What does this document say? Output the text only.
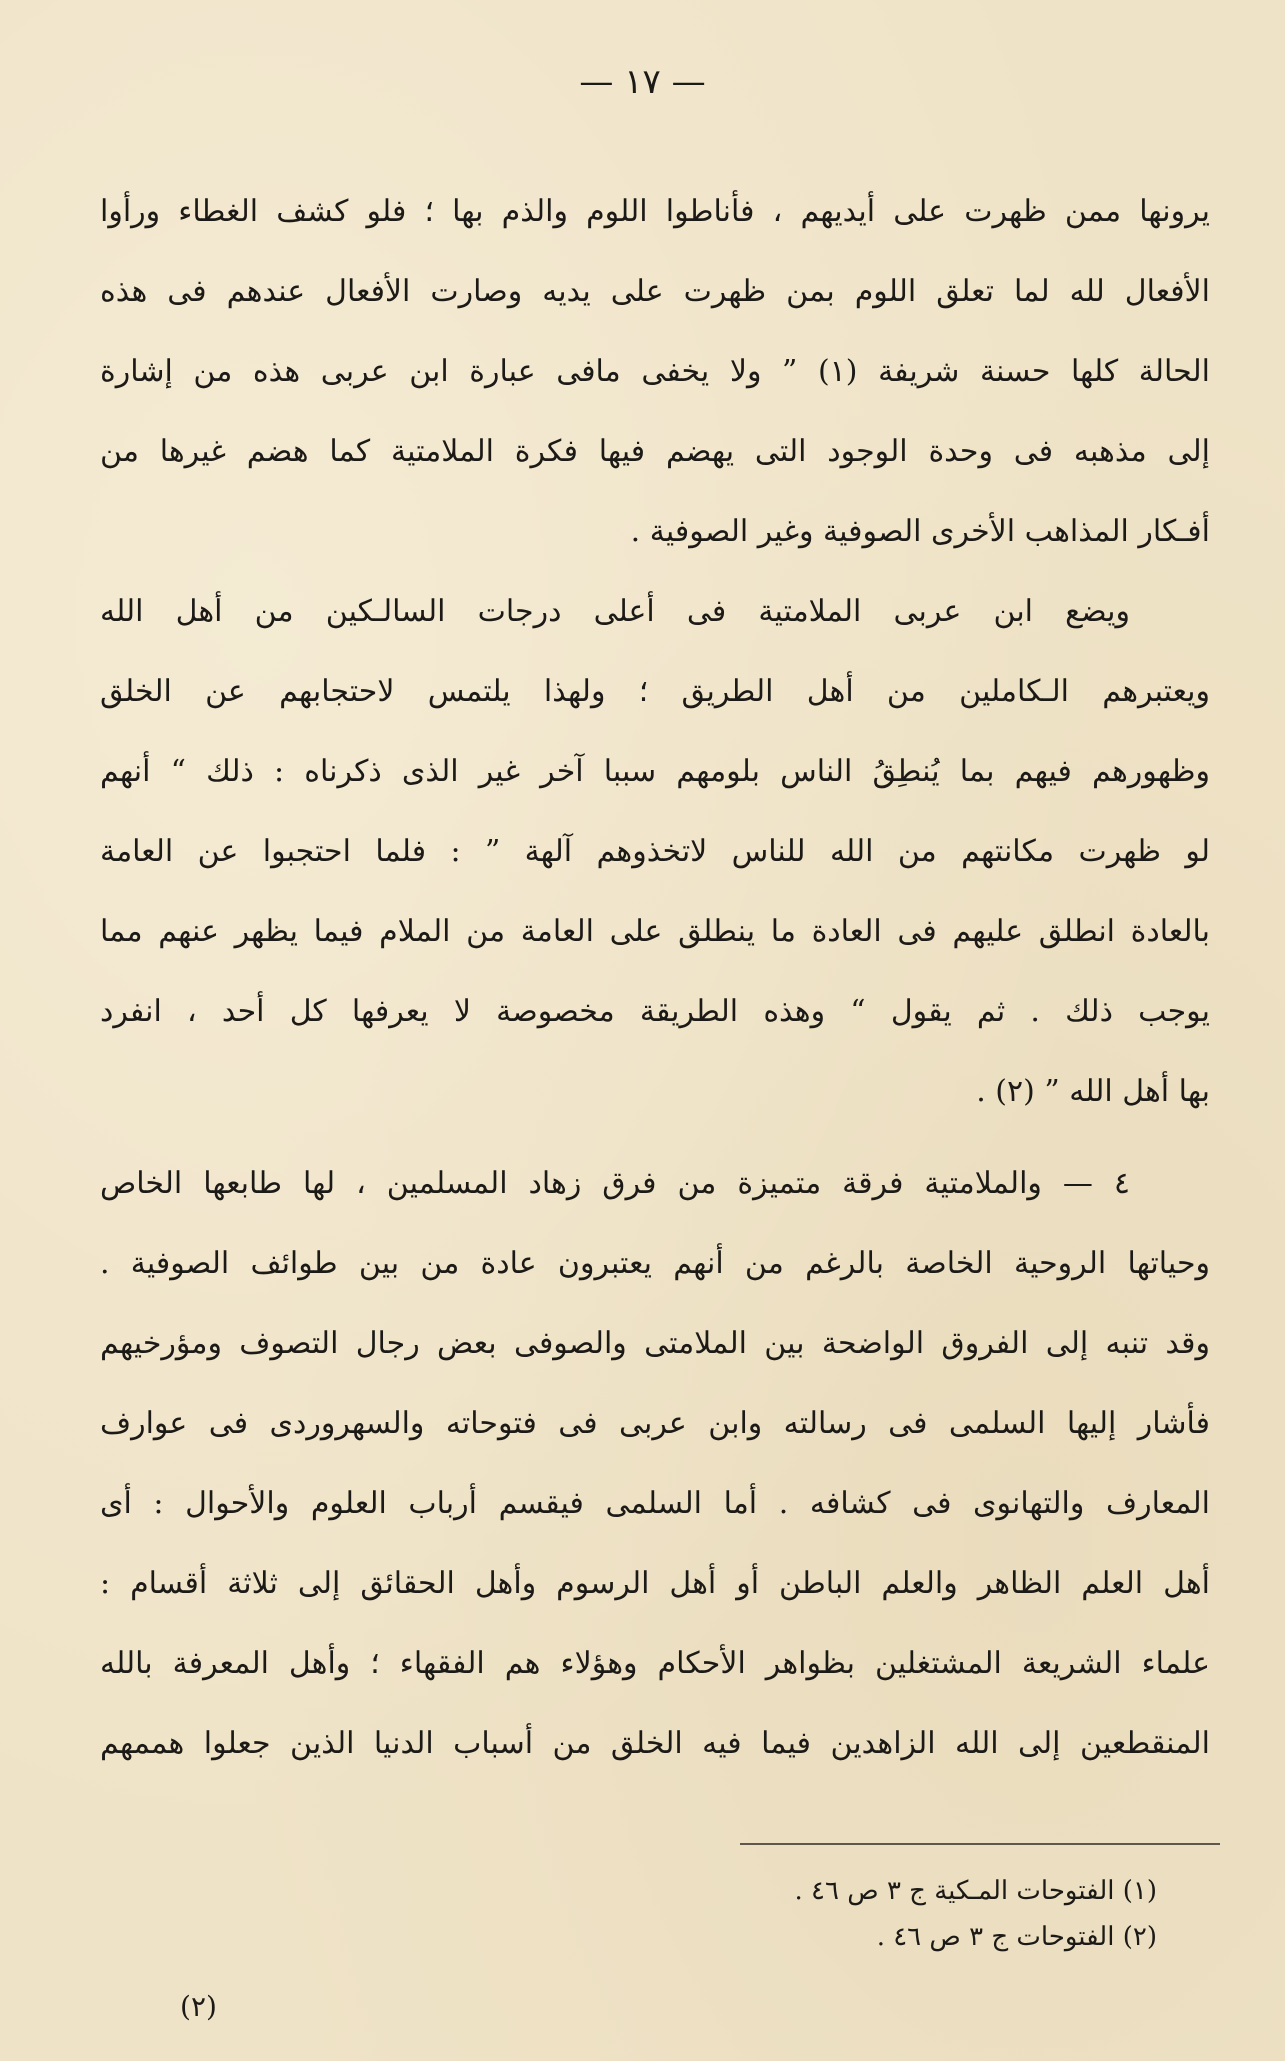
— ١٧ —
يرونها ممن ظهرت على أيديهم ، فأناطوا اللوم والذم بها ؛ فلو كشف الغطاء ورأوا
الأفعال لله لما تعلق اللوم بمن ظهرت على يديه وصارت الأفعال عندهم فى هذه
الحالة كلها حسنة شريفة (١) ” ولا يخفى مافى عبارة ابن عربى هذه من إشارة
إلى مذهبه فى وحدة الوجود التى يهضم فيها فكرة الملامتية كما هضم غيرها من
أفـكار المذاهب الأخرى الصوفية وغير الصوفية .
ويضع ابن عربى الملامتية فى أعلى درجات السالـكين من أهل الله
ويعتبرهم الـكاملين من أهل الطريق ؛ ولهذا يلتمس لاحتجابهم عن الخلق
وظهورهم فيهم بما يُنطِقُ الناس بلومهم سببا آخر غير الذى ذكرناه : ذلك “ أنهم
لو ظهرت مكانتهم من الله للناس لاتخذوهم آلهة ” : فلما احتجبوا عن العامة
بالعادة انطلق عليهم فى العادة ما ينطلق على العامة من الملام فيما يظهر عنهم مما
يوجب ذلك . ثم يقول “ وهذه الطريقة مخصوصة لا يعرفها كل أحد ، انفرد
بها أهل الله ” (٢) .
٤ — والملامتية فرقة متميزة من فرق زهاد المسلمين ، لها طابعها الخاص
وحياتها الروحية الخاصة بالرغم من أنهم يعتبرون عادة من بين طوائف الصوفية .
وقد تنبه إلى الفروق الواضحة بين الملامتى والصوفى بعض رجال التصوف ومؤرخيهم
فأشار إليها السلمى فى رسالته وابن عربى فى فتوحاته والسهروردى فى عوارف
المعارف والتهانوى فى كشافه . أما السلمى فيقسم أرباب العلوم والأحوال : أى
أهل العلم الظاهر والعلم الباطن أو أهل الرسوم وأهل الحقائق إلى ثلاثة أقسام :
علماء الشريعة المشتغلين بظواهر الأحكام وهؤلاء هم الفقهاء ؛ وأهل المعرفة بالله
المنقطعين إلى الله الزاهدين فيما فيه الخلق من أسباب الدنيا الذين جعلوا هممهم
(١) الفتوحات المـكية ج ٣ ص ٤٦ .
(٢) الفتوحات ج ٣ ص ٤٦ .
(٢)
